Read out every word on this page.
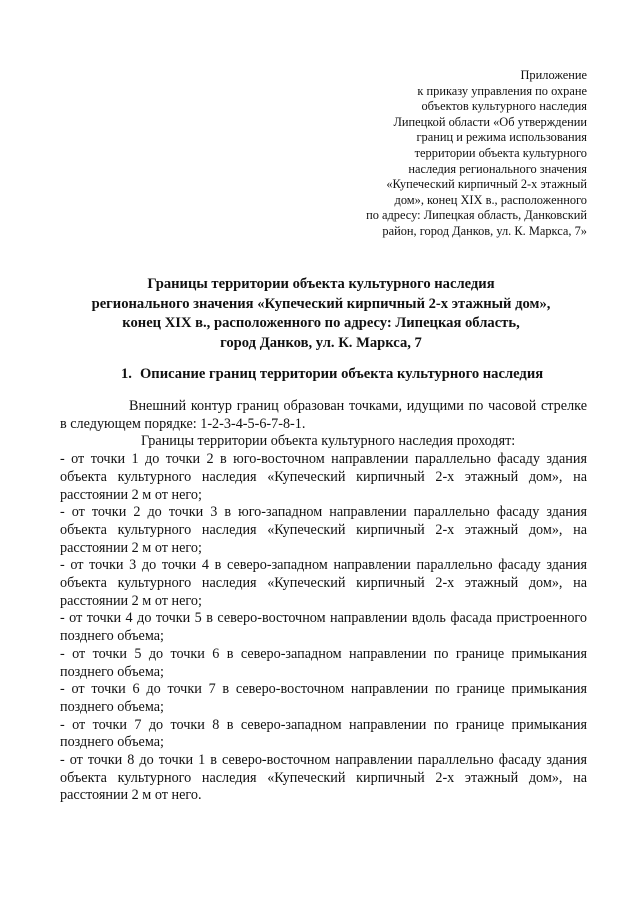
Приложение
к приказу управления по охране
объектов культурного наследия
Липецкой области «Об утверждении
границ и режима использования
территории объекта культурного
наследия регионального значения
«Купеческий кирпичный 2-х этажный
дом», конец XIX в., расположенного
по адресу: Липецкая область, Данковский
район, город Данков, ул. К. Маркса, 7»
Границы территории объекта культурного наследия
регионального значения «Купеческий кирпичный 2-х этажный дом»,
конец XIX в., расположенного по адресу: Липецкая область,
город Данков, ул. К. Маркса, 7
1. Описание границ территории объекта культурного наследия

Внешний контур границ образован точками, идущими по часовой стрелке в следующем порядке: 1-2-3-4-5-6-7-8-1.

Границы территории объекта культурного наследия проходят:

- от точки 1 до точки 2 в юго-восточном направлении параллельно фасаду здания объекта культурного наследия «Купеческий кирпичный 2-х этажный дом», на расстоянии 2 м от него;

- от точки 2 до точки 3 в юго-западном направлении параллельно фасаду здания объекта культурного наследия «Купеческий кирпичный 2-х этажный дом», на расстоянии 2 м от него;

- от точки 3 до точки 4 в северо-западном направлении параллельно фасаду здания объекта культурного наследия «Купеческий кирпичный 2-х этажный дом», на расстоянии 2 м от него;

- от точки 4 до точки 5 в северо-восточном направлении вдоль фасада пристроенного позднего объема;

- от точки 5 до точки 6 в северо-западном направлении по границе примыкания позднего объема;

- от точки 6 до точки 7 в северо-восточном направлении по границе примыкания позднего объема;

- от точки 7 до точки 8 в северо-западном направлении по границе примыкания позднего объема;

- от точки 8 до точки 1 в северо-восточном направлении параллельно фасаду здания объекта культурного наследия «Купеческий кирпичный 2-х этажный дом», на расстоянии 2 м от него.
